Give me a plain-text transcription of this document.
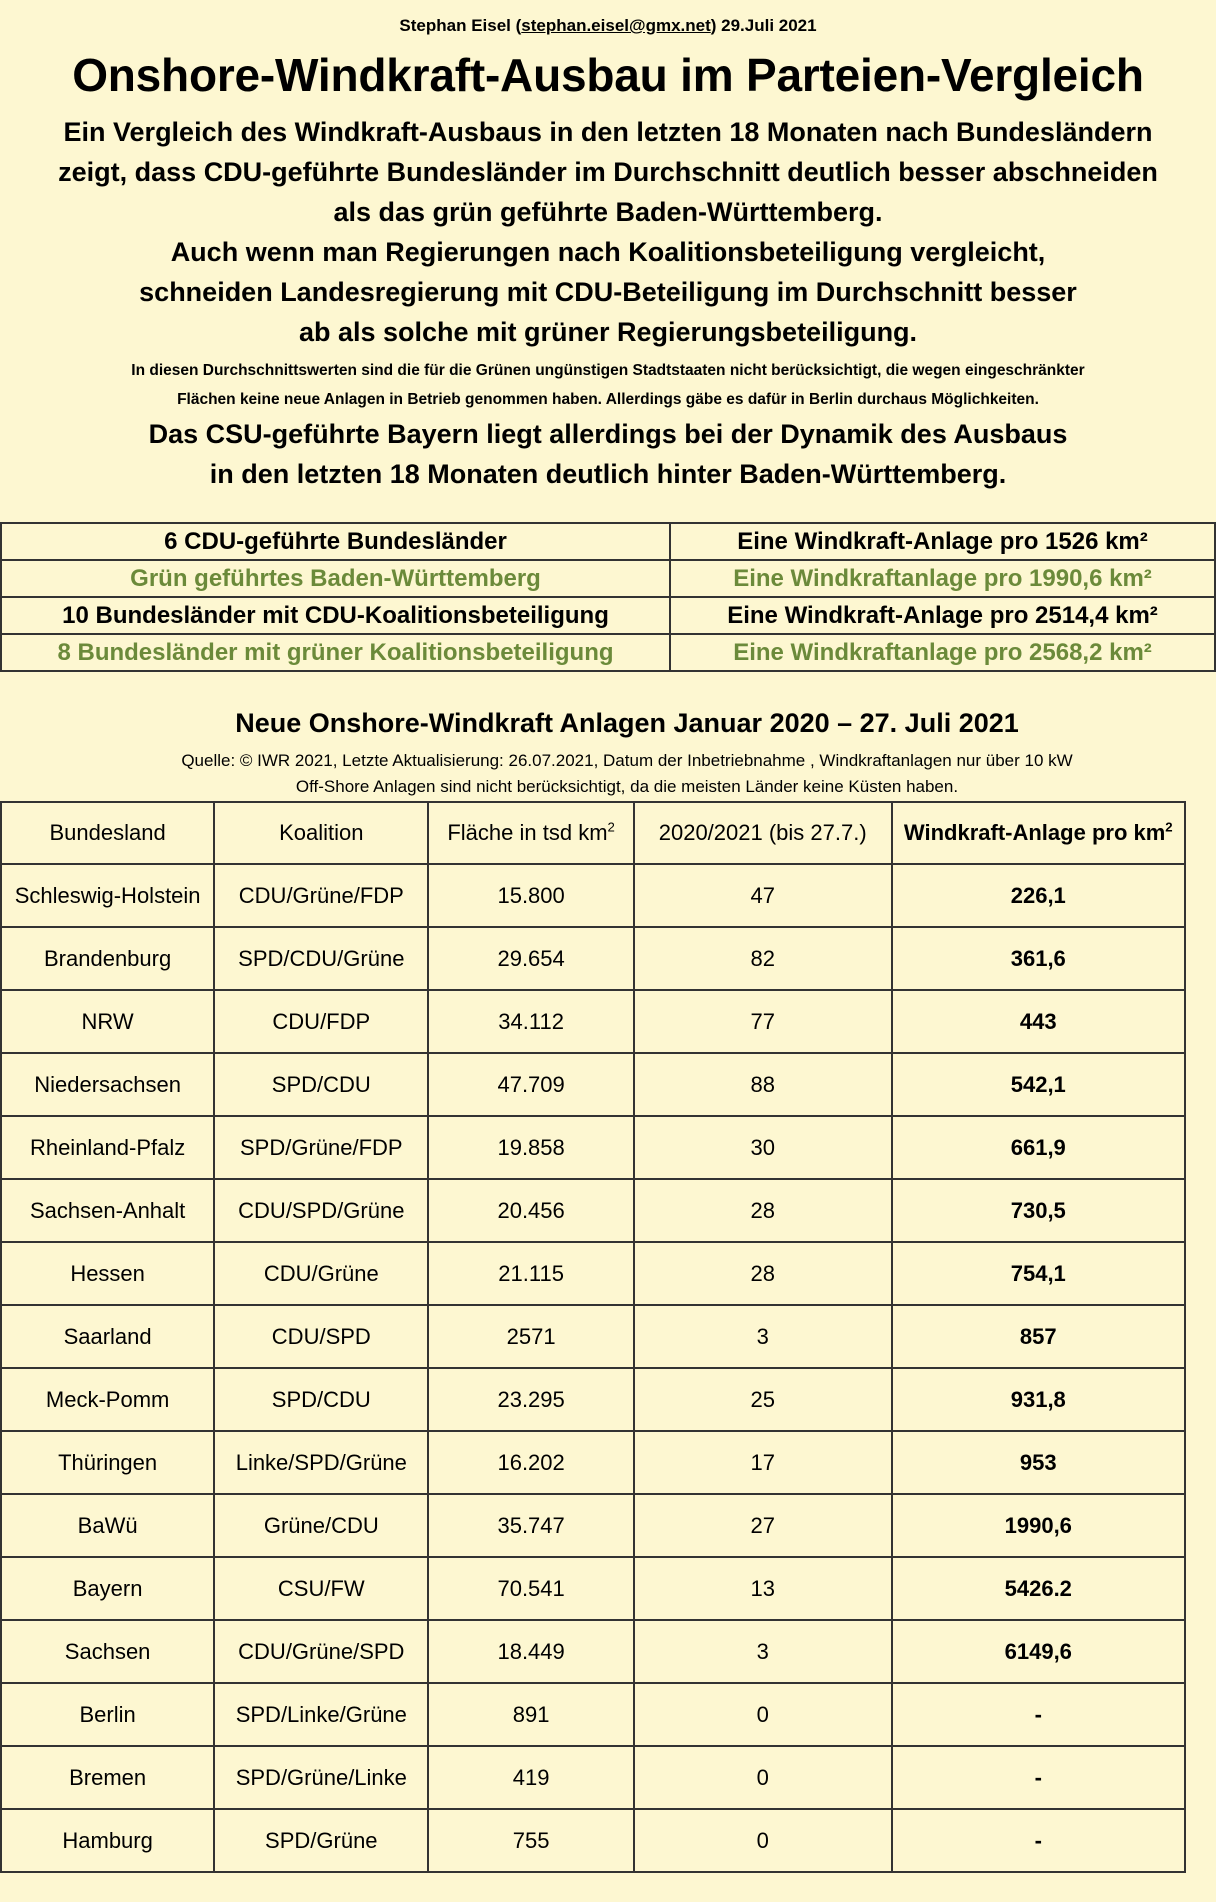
Stephan Eisel (stephan.eisel@gmx.net) 29.Juli 2021
Onshore-Windkraft-Ausbau im Parteien-Vergleich
Ein Vergleich des Windkraft-Ausbaus in den letzten 18 Monaten nach Bundesländern
zeigt, dass CDU-geführte Bundesländer im Durchschnitt deutlich besser abschneiden
als das grün geführte Baden-Württemberg.
Auch wenn man Regierungen nach Koalitionsbeteiligung vergleicht,
schneiden Landesregierung mit CDU-Beteiligung im Durchschnitt besser
ab als solche mit grüner Regierungsbeteiligung.
In diesen Durchschnittswerten sind die für die Grünen ungünstigen Stadtstaaten nicht berücksichtigt, die wegen eingeschränkter
Flächen keine neue Anlagen in Betrieb genommen haben. Allerdings gäbe es dafür in Berlin durchaus Möglichkeiten.
Das CSU-geführte Bayern liegt allerdings bei der Dynamik des Ausbaus
in den letzten 18 Monaten deutlich hinter Baden-Württemberg.
6 CDU-geführte Bundesländer	Eine Windkraft-Anlage pro 1526 km²
Grün geführtes Baden-Württemberg	Eine Windkraftanlage pro 1990,6 km²
10 Bundesländer mit CDU-Koalitionsbeteiligung	Eine Windkraft-Anlage pro 2514,4 km²
8 Bundesländer mit grüner Koalitionsbeteiligung	Eine Windkraftanlage pro 2568,2 km²
Neue Onshore-Windkraft Anlagen Januar 2020 – 27. Juli 2021
Quelle: © IWR 2021, Letzte Aktualisierung: 26.07.2021, Datum der Inbetriebnahme , Windkraftanlagen nur über 10 kW
Off-Shore Anlagen sind nicht berücksichtigt, da die meisten Länder keine Küsten haben.
Bundesland	Koalition	Fläche in tsd $km^2$	2020/2021 (bis 27.7.)	Windkraft-Anlage pro $km^2$
Schleswig-Holstein	CDU/Grüne/FDP	15.800	47	226,1
Brandenburg	SPD/CDU/Grüne	29.654	82	361,6
NRW	CDU/FDP	34.112	77	443
Niedersachsen	SPD/CDU	47.709	88	542,1
Rheinland-Pfalz	SPD/Grüne/FDP	19.858	30	661,9
Sachsen-Anhalt	CDU/SPD/Grüne	20.456	28	730,5
Hessen	CDU/Grüne	21.115	28	754,1
Saarland	CDU/SPD	2571	3	857
Meck-Pomm	SPD/CDU	23.295	25	931,8
Thüringen	Linke/SPD/Grüne	16.202	17	953
BaWü	Grüne/CDU	35.747	27	1990,6
Bayern	CSU/FW	70.541	13	5426.2
Sachsen	CDU/Grüne/SPD	18.449	3	6149,6
Berlin	SPD/Linke/Grüne	891	0	-
Bremen	SPD/Grüne/Linke	419	0	-
Hamburg	SPD/Grüne	755	0	-
